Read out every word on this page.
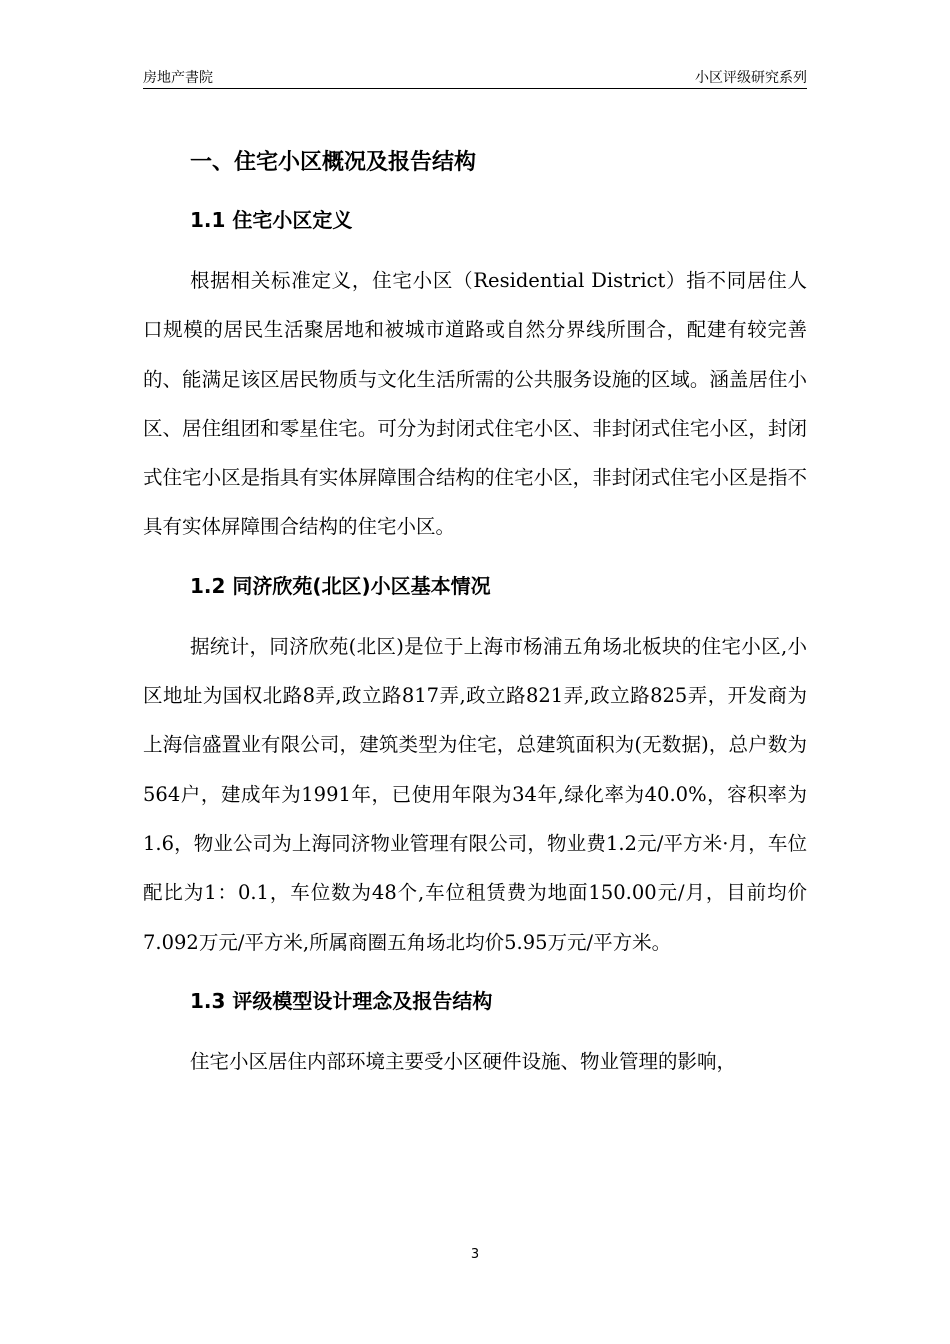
房地产書院	小区评级研究系列
一、住宅小区概况及报告结构
1.1 住宅小区定义

根据相关标准定义，住宅小区（Residential District）指不同居住人口规模的居民生活聚居地和被城市道路或自然分界线所围合，配建有较完善的、能满足该区居民物质与文化生活所需的公共服务设施的区域。涵盖居住小区、居住组团和零星住宅。可分为封闭式住宅小区、非封闭式住宅小区，封闭式住宅小区是指具有实体屏障围合结构的住宅小区，非封闭式住宅小区是指不具有实体屏障围合结构的住宅小区。

1.2 同济欣苑(北区)小区基本情况

据统计，同济欣苑(北区)是位于上海市杨浦五角场北板块的住宅小区,小区地址为国权北路8弄,政立路817弄,政立路821弄,政立路825弄，开发商为上海信盛置业有限公司，建筑类型为住宅，总建筑面积为(无数据)，总户数为564户，建成年为1991年，已使用年限为34年,绿化率为40.0%，容积率为1.6，物业公司为上海同济物业管理有限公司，物业费1.2元/平方米·月，车位配比为1：0.1，车位数为48个,车位租赁费为地面150.00元/月，目前均价7.092万元/平方米,所属商圈五角场北均价5.95万元/平方米。

1.3 评级模型设计理念及报告结构

住宅小区居住内部环境主要受小区硬件设施、物业管理的影响，

3
